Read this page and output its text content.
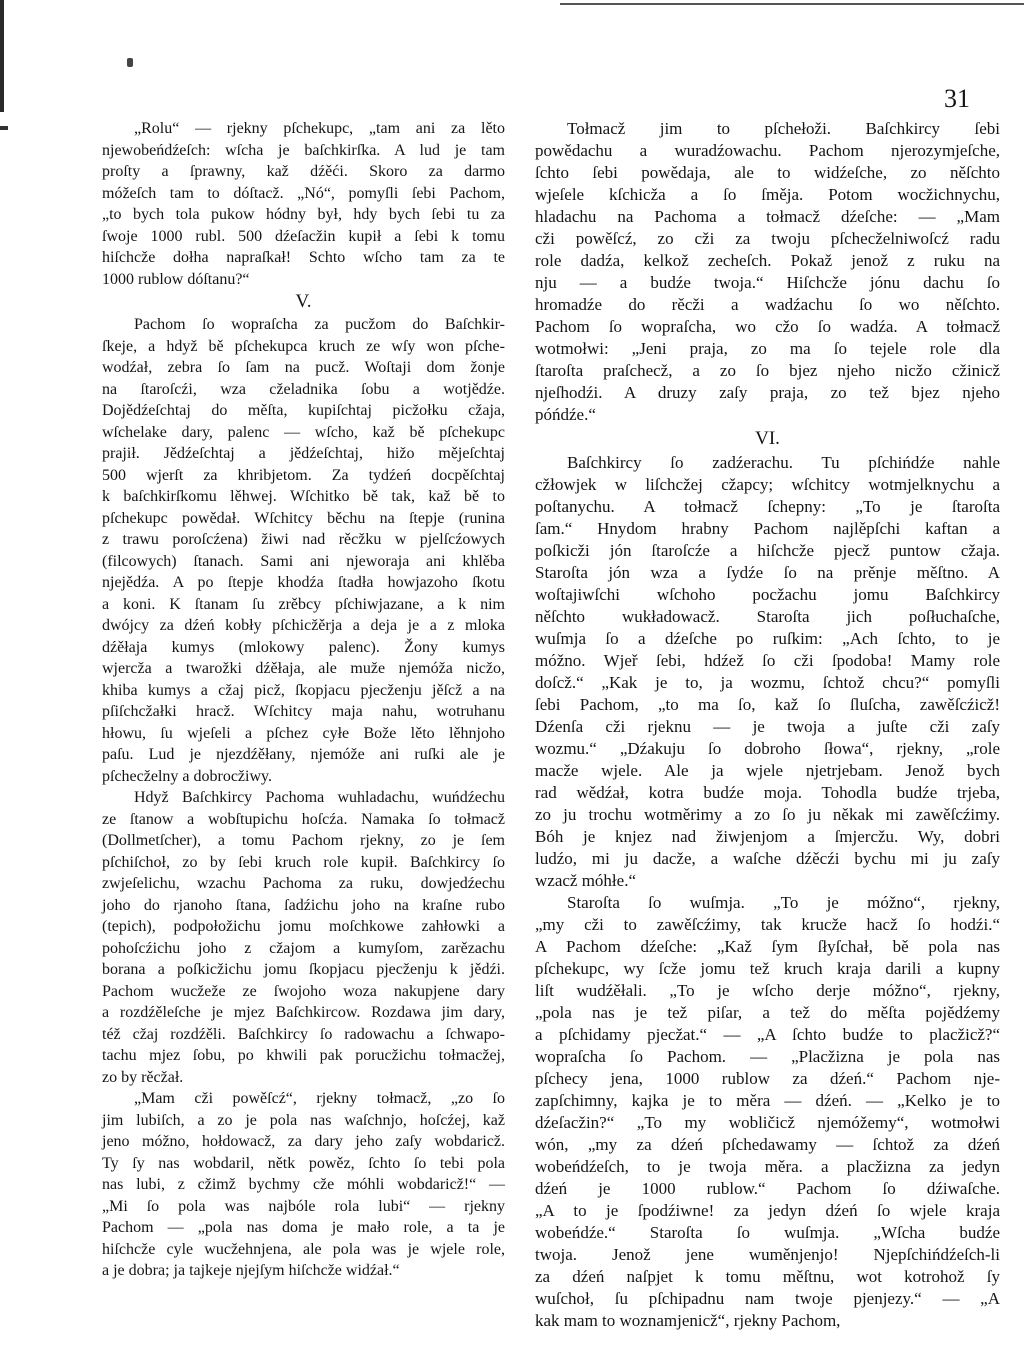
31
„Rolu“ — rjekny pſchekupc, „tam ani za lěto
njewobeńdźeſch: wſcha je baſchkirſka. A lud je tam
proſty a ſprawny, kaž dźěći. Skoro za darmo
móžeſch tam to dóſtacž. „Nó“, pomyſli ſebi Pachom,
„to bych tola pukow hódny był, hdy bych ſebi tu za
ſwoje 1000 rubl. 500 dźeſacžin kupił a ſebi k tomu
hiſchcže dołha napraſkał! Schto wſcho tam za te
1000 rublow dóſtanu?“
V.
Pachom ſo wopraſcha za pucžom do Baſchkir-
ſkeje, a hdyž bě pſchekupca kruch ze wſy won pſche-
wodźał, zebra ſo ſam na pucž. Woſtaji dom žonje
na ſtaroſcźi, wza cželadnika ſobu a wotjědźe.
Dojědźeſchtaj do měſta, kupiſchtaj picžołku cžaja,
wſchelake dary, palenc — wſcho, kaž bě pſchekupc
prajił. Jědźeſchtaj a jědźeſchtaj, hižo mějeſchtaj
500 wjerſt za khribjetom. Za tydźeń docpěſchtaj
k baſchkirſkomu lěhwej. Wſchitko bě tak, kaž bě to
pſchekupc powědał. Wſchitcy běchu na ſtepje (runina
z trawu poroſcźena) žiwi nad rěcžku w pjelſcźowych
(filcowych) ſtanach. Sami ani njeworaja ani khlěba
njejědźa. A po ſtepje khodźa ſtadła howjazoho ſkotu
a koni. K ſtanam ſu zrěbcy pſchiwjazane, a k nim
dwójcy za dźeń kobły pſchicžěrja a deja je a z mloka
dźěłaja kumys (mlokowy palenc). Žony kumys
wjercža a twarožki dźěłaja, ale muže njemóža nicžo,
khiba kumys a cžaj picž, ſkopjacu pjecženju jěſcž a na
pſiſchcžałki hracž. Wſchitcy maja nahu, wotruhanu
hłowu, ſu wjeſeli a pſchez cyłe Bože lěto lěhnjoho
paſu. Lud je njezdźěłany, njemóže ani ruſki ale je
pſchecželny a dobrocžiwy.
Hdyž Baſchkircy Pachoma wuhladachu, wuńdźechu
ze ſtanow a wobſtupichu hoſcźa. Namaka ſo tołmacž
(Dollmetſcher), a tomu Pachom rjekny, zo je ſem
pſchiſchoł, zo by ſebi kruch role kupił. Baſchkircy ſo
zwjeſelichu, wzachu Pachoma za ruku, dowjedźechu
joho do rjanoho ſtana, ſadźichu joho na kraſne rubo
(tepich), podpołožichu jomu moſchkowe zahłowki a
pohoſcźichu joho z cžajom a kumyſom, zarězachu
borana a poſkicžichu jomu ſkopjacu pjecženju k jědźi.
Pachom wucžeže ze ſwojoho woza nakupjene dary
a rozdźěleſche je mjez Baſchkircow. Rozdawa jim dary,
též cžaj rozdźěli. Baſchkircy ſo radowachu a ſchwapo-
tachu mjez ſobu, po khwili pak porucžichu tołmacžej,
zo by rěcžał.
„Mam cži powěſcź“, rjekny tołmacž, „zo ſo
jim lubiſch, a zo je pola nas waſchnjo, hoſcźej, kaž
jeno móžno, hołdowacž, za dary jeho zaſy wobdaricž.
Ty ſy nas wobdaril, nětk powěz, ſchto ſo tebi pola
nas lubi, z cžimž bychmy cže móhli wobdaricž!“ —
„Mi ſo pola was najbóle rola lubi“ — rjekny
Pachom — „pola nas doma je mało role, a ta je
hiſchcže cyle wucžehnjena, ale pola was je wjele role,
a je dobra; ja tajkeje njejſym hiſchcže widźał.“
Tołmacž jim to pſchełoži. Baſchkircy ſebi
powědachu a wuradźowachu. Pachom njerozymjeſche,
ſchto ſebi powědaja, ale to widźeſche, zo něſchto
wjeſele kſchicža a ſo ſměja. Potom wocžichnychu,
hladachu na Pachoma a tołmacž dźeſche: — „Mam
cži powěſcź, zo cži za twoju pſchecželniwoſcź radu
role dadźa, kelkož zecheſch. Pokaž jenož z ruku na
nju — a budźe twoja.“ Hiſchcže jónu dachu ſo
hromadźe do rěcži a wadźachu ſo wo něſchto.
Pachom ſo wopraſcha, wo cžo ſo wadźa. A tołmacž
wotmołwi: „Jeni praja, zo ma ſo tejele role dla
ſtaroſta praſchecž, a zo ſo bjez njeho nicžo cžinicž
njeſhodźi. A druzy zaſy praja, zo tež bjez njeho
póńdźe.“
VI.
Baſchkircy ſo zadźerachu. Tu pſchińdźe nahle
cžłowjek w liſchcžej cžapcy; wſchitcy wotmjelknychu a
poſtanychu. A tołmacž ſchepny: „To je ſtaroſta
ſam.“ Hnydom hrabny Pachom najlěpſchi kaftan a
poſkicži jón ſtaroſcźe a hiſchcže pjecž puntow cžaja.
Staroſta jón wza a ſydźe ſo na prěnje měſtno. A
woſtajiwſchi wſchoho pocžachu jomu Baſchkircy
něſchto wukładowacž. Staroſta jich poſłuchaſche,
wuſmja ſo a dźeſche po ruſkim: „Ach ſchto, to je
móžno. Wjeř ſebi, hdźež ſo cži ſpodoba! Mamy role
doſcž.“ „Kak je to, ja wozmu, ſchtož chcu?“ pomyſli
ſebi Pachom, „to ma ſo, kaž ſo ſluſcha, zawěſcźicž!
Dźenſa cži rjeknu — je twoja a juſte cži zaſy
wozmu.“ „Dźakuju ſo dobroho ſłowa“, rjekny, „role
macže wjele. Ale ja wjele njetrjebam. Jenož bych
rad wědźał, kotra budźe moja. Tohodla budźe trjeba,
zo ju trochu wotměrimy a zo ſo ju někak mi zawěſcźimy.
Bóh je knjez nad žiwjenjom a ſmjercžu. Wy, dobri
ludźo, mi ju dacže, a waſche dźěcźi bychu mi ju zaſy
wzacž móhłe.“
Staroſta ſo wuſmja. „To je móžno“, rjekny,
„my cži to zawěſcźimy, tak krucže hacž ſo hodźi.“
A Pachom dźeſche: „Kaž ſym ſłyſchał, bě pola nas
pſchekupc, wy ſcže jomu tež kruch kraja darili a kupny
liſt wudźěłali. „To je wſcho derje móžno“, rjekny,
„pola nas je tež piſar, a tež do měſta pojědźemy
a pſchidamy pjecžat.“ — „A ſchto budźe to placžicž?“
wopraſcha ſo Pachom. — „Placžizna je pola nas
pſchecy jena, 1000 rublow za dźeń.“ Pachom nje-
zapſchimny, kajka je to měra — dźeń. — „Kelko je to
dźeſacžin?“ „To my wobličicž njemóžemy“, wotmołwi
wón, „my za dźeń pſchedawamy — ſchtož za dźeń
wobeńdźeſch, to je twoja měra. a placžizna za jedyn
dźeń je 1000 rublow.“ Pachom ſo dźiwaſche.
„A to je ſpodźiwne! za jedyn dźeń ſo wjele kraja
wobeńdźe.“ Staroſta ſo wuſmja. „Wſcha budźe
twoja. Jenož jene wuměnjenjo! Njepſchińdźeſch-li
za dźeń naſpjet k tomu měſtnu, wot kotrohož ſy
wuſchoł, ſu pſchipadnu nam twoje pjenjezy.“ — „A
kak mam to woznamjenicž“, rjekny Pachom,
